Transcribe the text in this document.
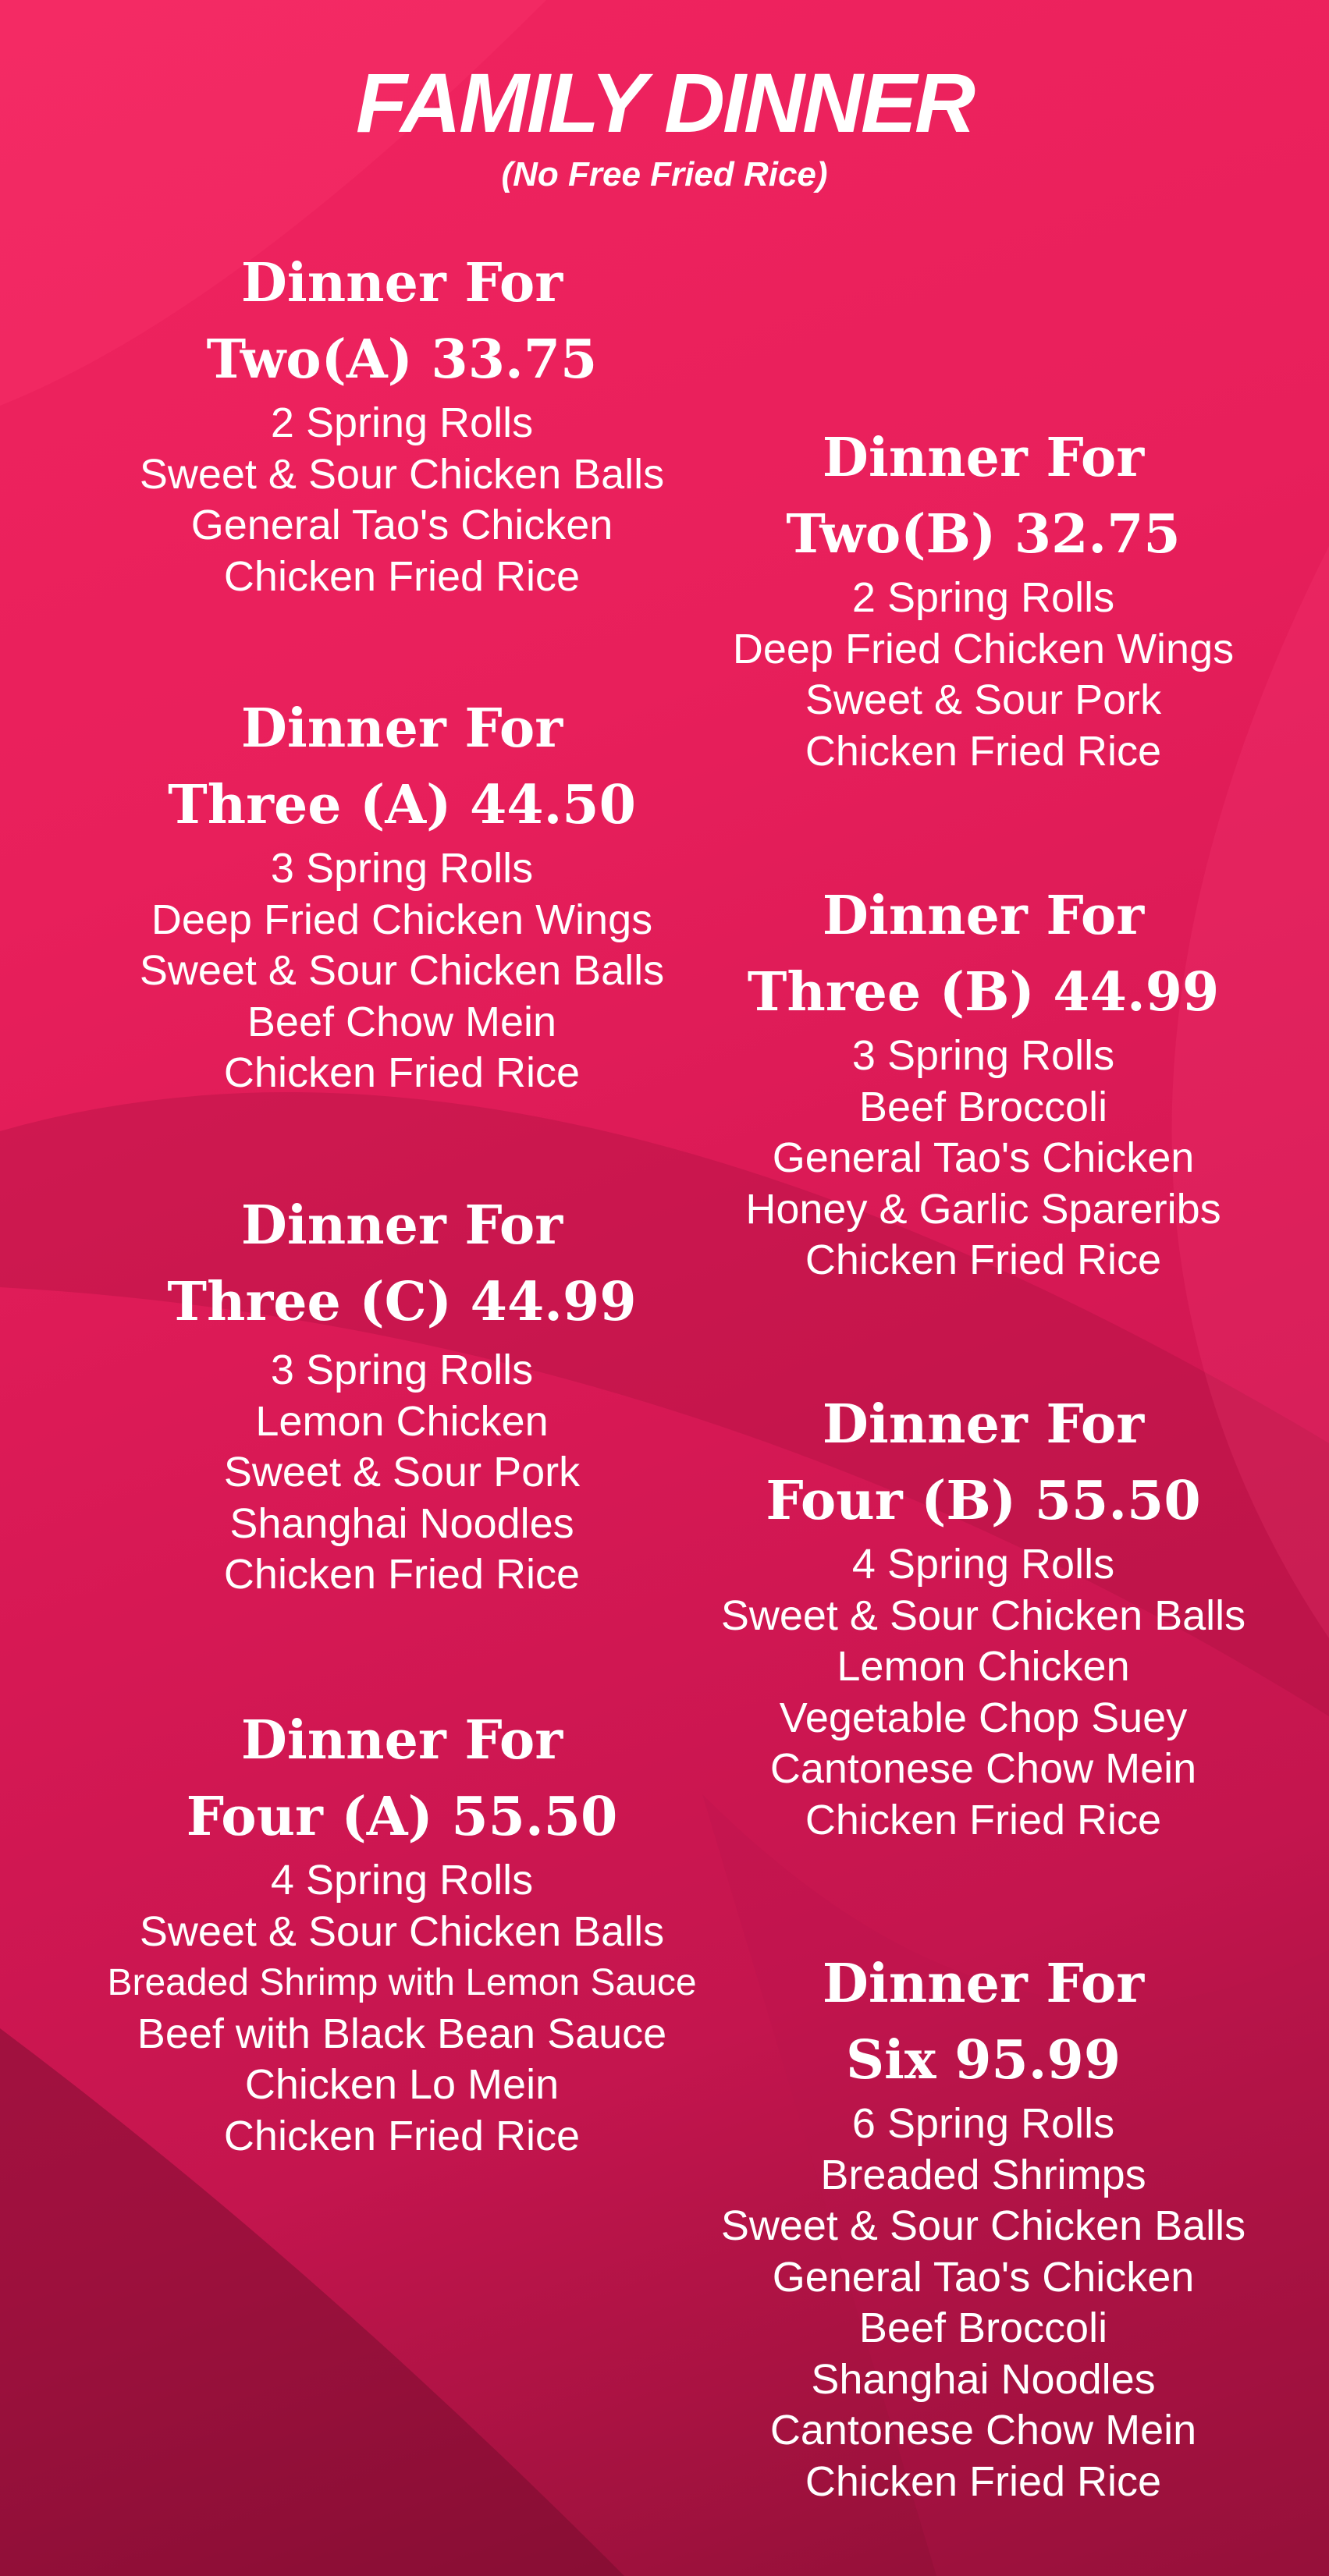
FAMILY DINNER
(No Free Fried Rice)
Dinner For
Two(A) 33.75
2 Spring Rolls
Sweet & Sour Chicken Balls
General Tao's Chicken
Chicken Fried Rice
Dinner For
Three (A) 44.50
3 Spring Rolls
Deep Fried Chicken Wings
Sweet & Sour Chicken Balls
Beef Chow Mein
Chicken Fried Rice
Dinner For
Three (C) 44.99
3 Spring Rolls
Lemon Chicken
Sweet & Sour Pork
Shanghai Noodles
Chicken Fried Rice
Dinner For
Four (A) 55.50
4 Spring Rolls
Sweet & Sour Chicken Balls
Breaded Shrimp with Lemon Sauce
Beef with Black Bean Sauce
Chicken Lo Mein
Chicken Fried Rice
Dinner For
Two(B) 32.75
2 Spring Rolls
Deep Fried Chicken Wings
Sweet & Sour Pork
Chicken Fried Rice
Dinner For
Three (B) 44.99
3 Spring Rolls
Beef Broccoli
General Tao's Chicken
Honey & Garlic Spareribs
Chicken Fried Rice
Dinner For
Four (B) 55.50
4 Spring Rolls
Sweet & Sour Chicken Balls
Lemon Chicken
Vegetable Chop Suey
Cantonese Chow Mein
Chicken Fried Rice
Dinner For
Six 95.99
6 Spring Rolls
Breaded Shrimps
Sweet & Sour Chicken Balls
General Tao's Chicken
Beef Broccoli
Shanghai Noodles
Cantonese Chow Mein
Chicken Fried Rice
